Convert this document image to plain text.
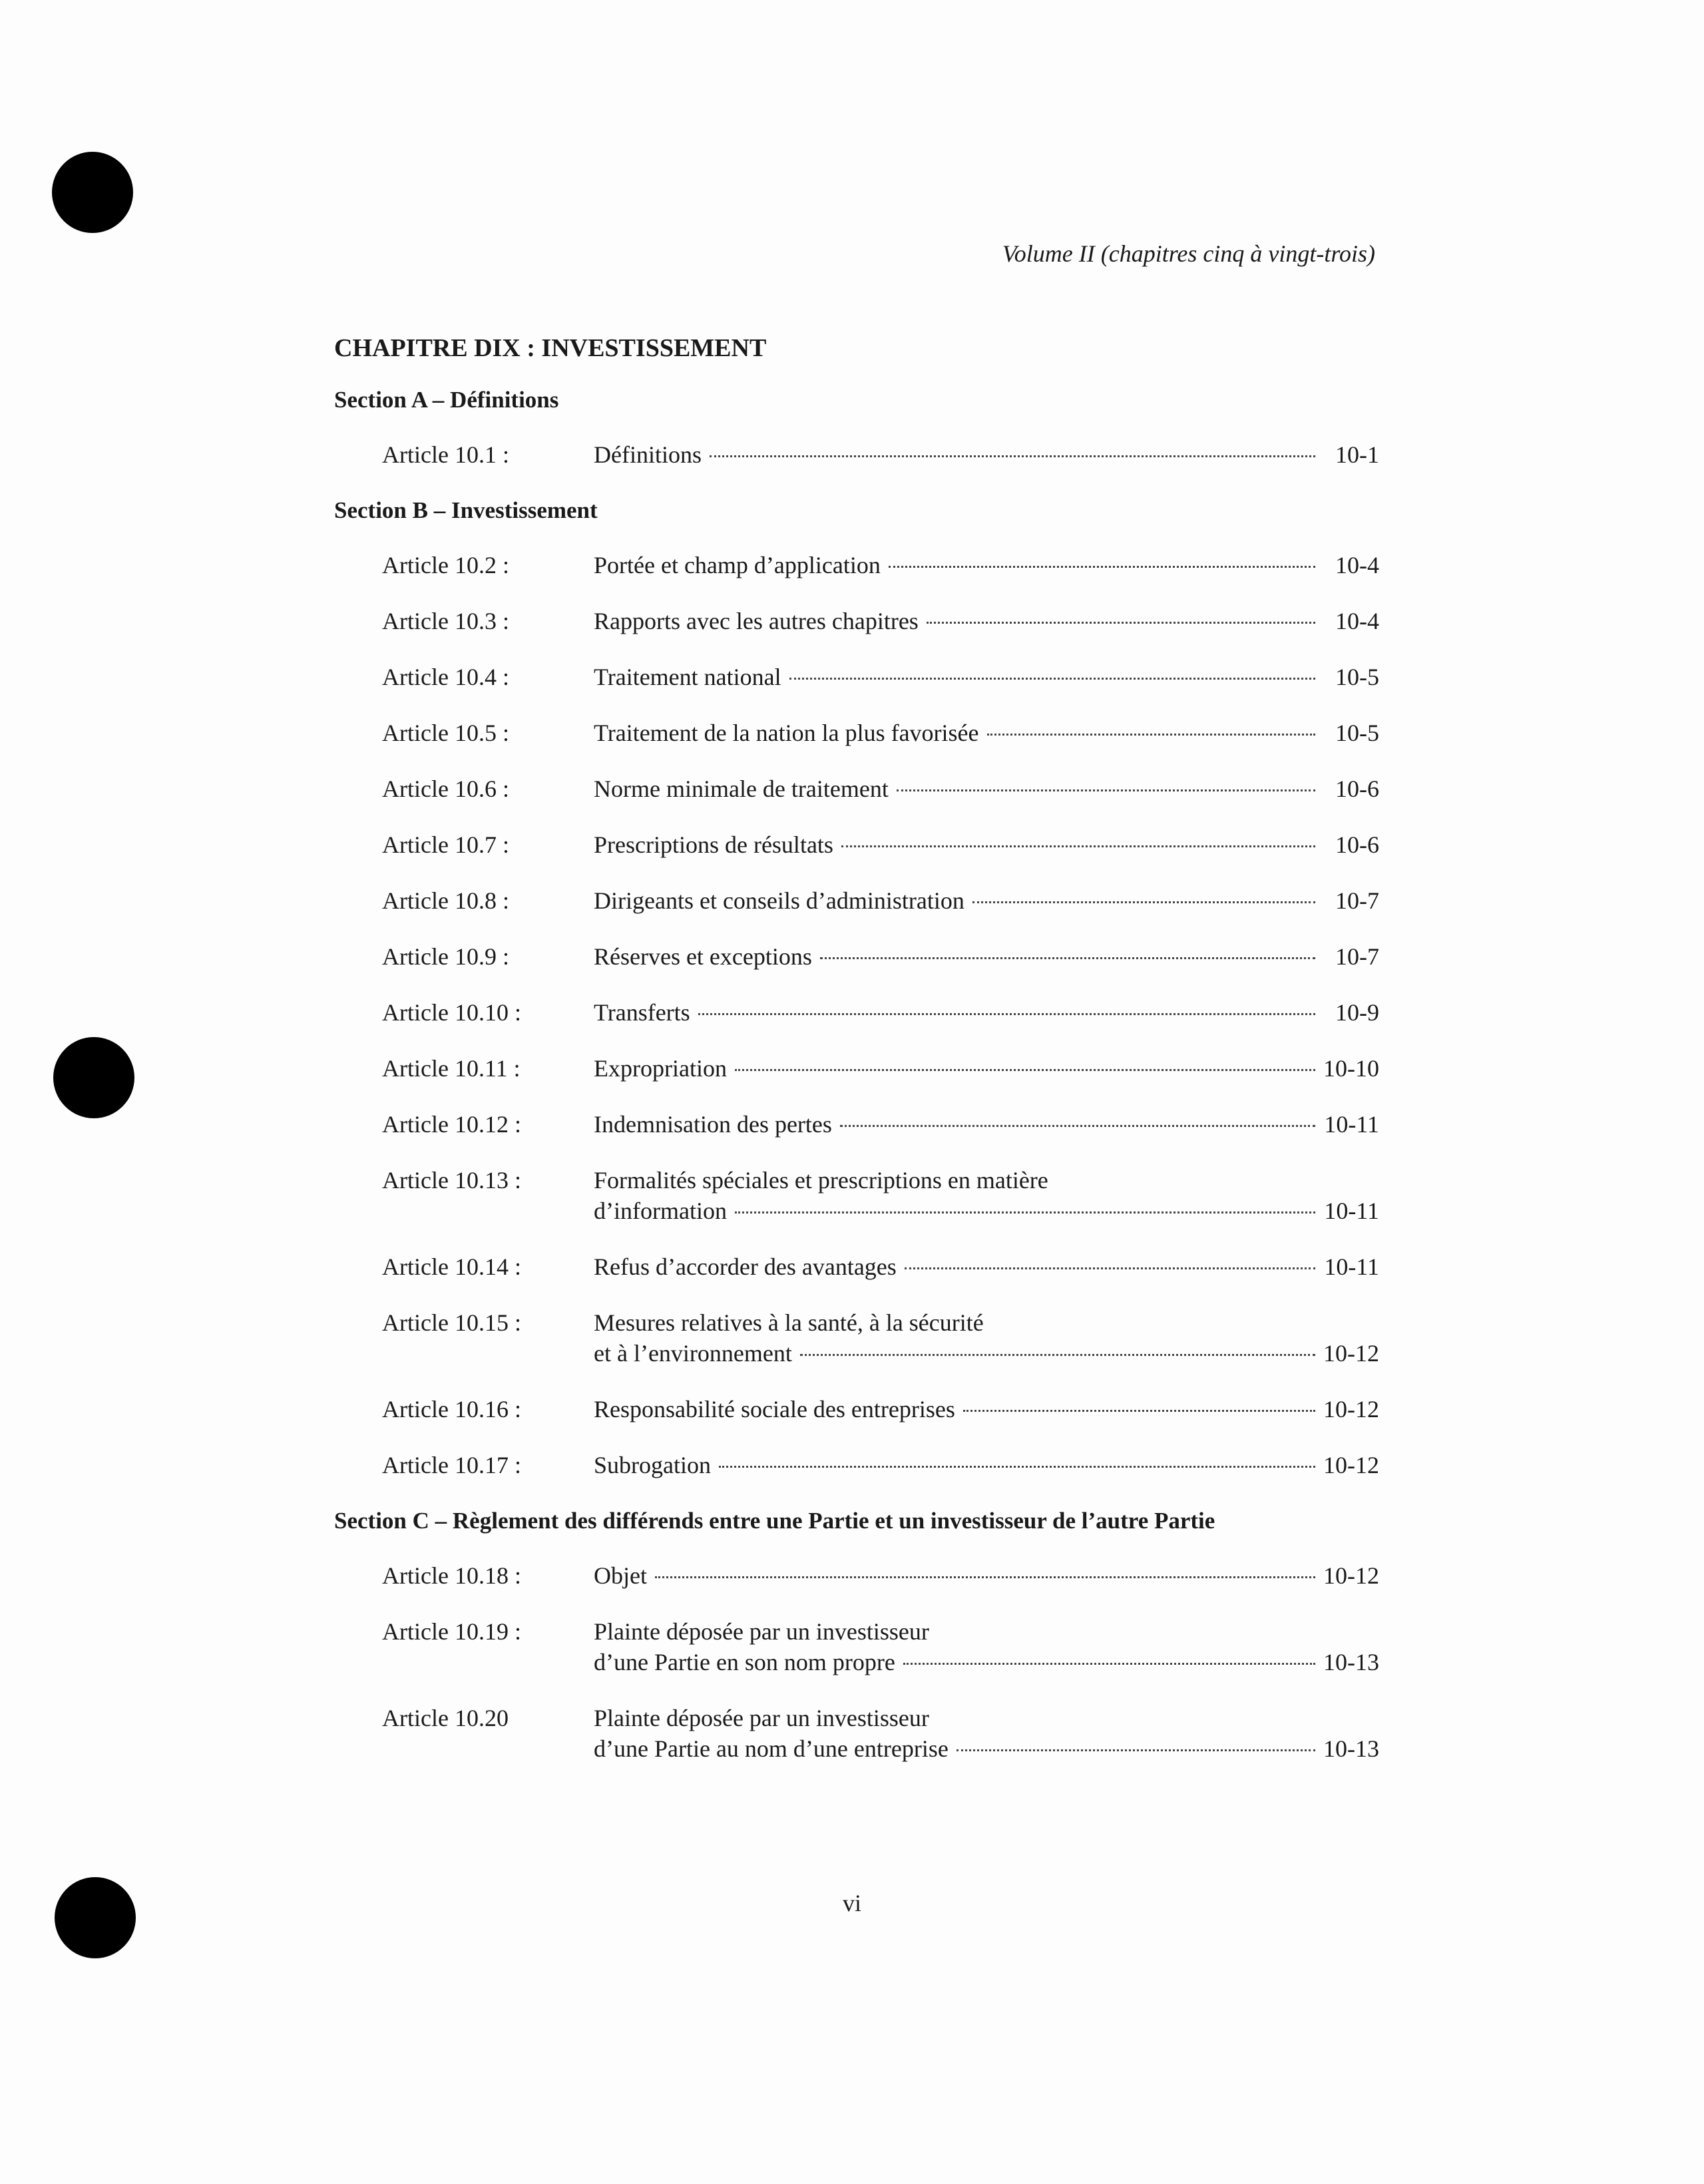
Volume II (chapitres cinq à vingt-trois)
CHAPITRE DIX : INVESTISSEMENT
Section A – Définitions
Article 10.1 :	Définitions	10-1
Section B – Investissement
Article 10.2 :	Portée et champ d’application	10-4
Article 10.3 :	Rapports avec les autres chapitres	10-4
Article 10.4 :	Traitement national	10-5
Article 10.5 :	Traitement de la nation la plus favorisée	10-5
Article 10.6 :	Norme minimale de traitement	10-6
Article 10.7 :	Prescriptions de résultats	10-6
Article 10.8 :	Dirigeants et conseils d’administration	10-7
Article 10.9 :	Réserves et exceptions	10-7
Article 10.10 :	Transferts	10-9
Article 10.11 :	Expropriation	10-10
Article 10.12 :	Indemnisation des pertes	10-11
Article 10.13 :	Formalités spéciales et prescriptions en matière
d’information	10-11
Article 10.14 :	Refus d’accorder des avantages	10-11
Article 10.15 :	Mesures relatives à la santé, à la sécurité
et à l’environnement	10-12
Article 10.16 :	Responsabilité sociale des entreprises	10-12
Article 10.17 :	Subrogation	10-12
Section C – Règlement des différends entre une Partie et un investisseur de l’autre Partie
Article 10.18 :	Objet	10-12
Article 10.19 :	Plainte déposée par un investisseur
d’une Partie en son nom propre	10-13
Article 10.20	Plainte déposée par un investisseur
d’une Partie au nom d’une entreprise	10-13
vi
